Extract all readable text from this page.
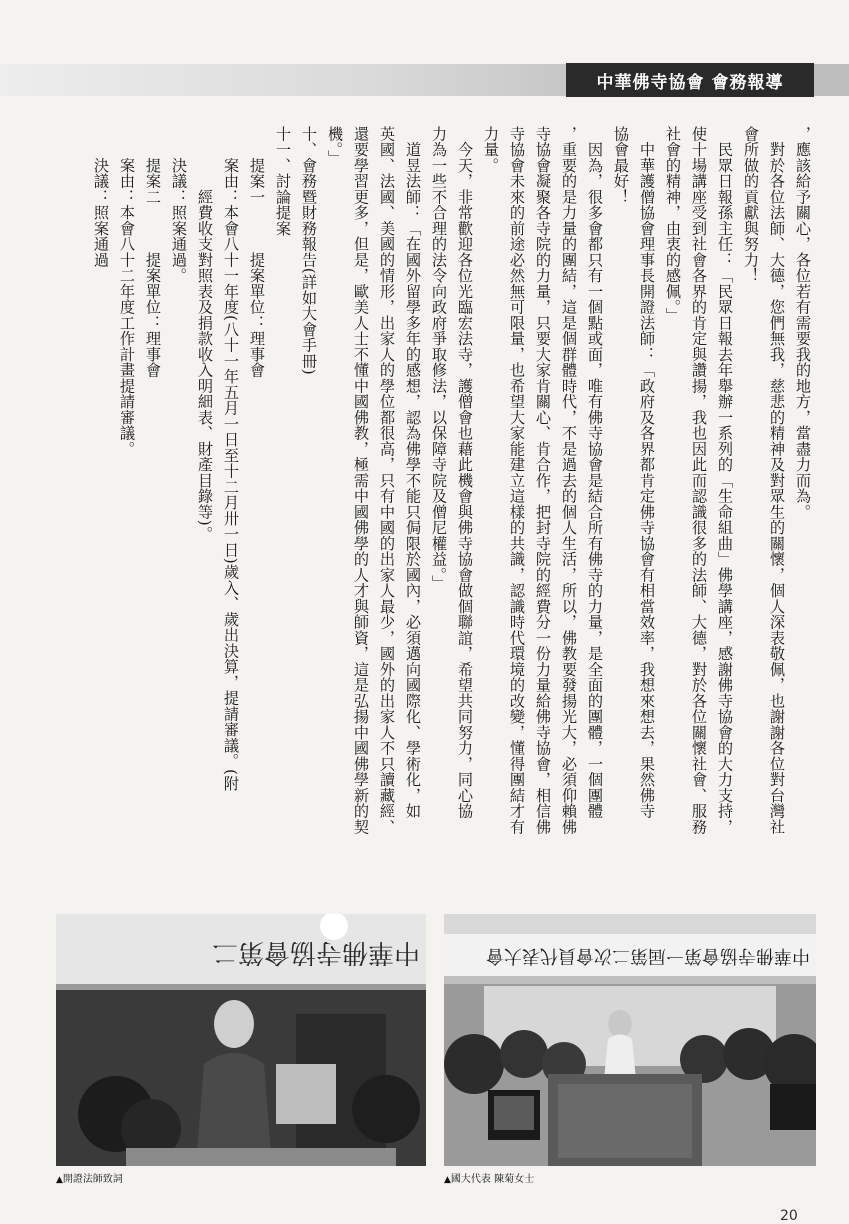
中華佛寺協會 會務報導
，應該給予關心，各位若有需要我的地方，當盡力而為。
　對於各位法師、大德，您們無我，慈悲的精神及對眾生的關懷，個人深表敬佩，也謝謝各位對台灣社
會所做的貢獻與努力！
　民眾日報孫主任：「民眾日報去年舉辦一系列的「生命組曲」佛學講座，感謝佛寺協會的大力支持，
使十場講座受到社會各界的肯定與讚揚，我也因此而認識很多的法師、大德，對於各位關懷社會、服務
社會的精神，由衷的感佩。」
　中華護僧協會理事長開證法師：「政府及各界都肯定佛寺協會有相當效率，我想來想去，果然佛寺
協會最好！
　因為，很多會都只有一個點或面，唯有佛寺協會是結合所有佛寺的力量，是全面的團體，一個團體
，重要的是力量的團結，這是個群體時代，不是過去的個人生活，所以，佛教要發揚光大，必須仰賴佛
寺協會凝聚各寺院的力量，只要大家肯關心、肯合作，把封寺院的經費分一份力量給佛寺協會，相信佛
寺協會未來的前途必然無可限量，也希望大家能建立這樣的共識，認識時代環境的改變，懂得團結才有
力量。
　今天，非常歡迎各位光臨宏法寺，護僧會也藉此機會與佛寺協會做個聯誼，希望共同努力，同心協
力為一些不合理的法令向政府爭取修法，以保障寺院及僧尼權益。」
　道昱法師：「在國外留學多年的感想，認為佛學不能只侷限於國內，必須邁向國際化、學術化，如
英國、法國、美國的情形，出家人的學位都很高，只有中國的出家人最少，國外的出家人不只讀藏經、
還要學習更多，但是，歐美人士不懂中國佛教，極需中國佛學的人才與師資，這是弘揚中國佛學新的契
機。」
十、會務暨財務報告(詳如大會手冊)
十一、討論提案
　　提案一　　　提案單位：理事會
　　案由：本會八十一年度(八十一年五月一日至十二月卅一日)歲入、歲出決算，提請審議。(附
　　　　經費收支對照表及捐款收入明細表、財產目錄等)。
　　決議：照案通過。
　　提案二　　　提案單位：理事會
　　案由：本會八十二年度工作計畫提請審議。
　　決議：照案通過
中華佛寺協會第二
▲開證法師致詞
中華佛寺協會第一屆第二次會員代表大會
▲國大代表 陳菊女士
20
